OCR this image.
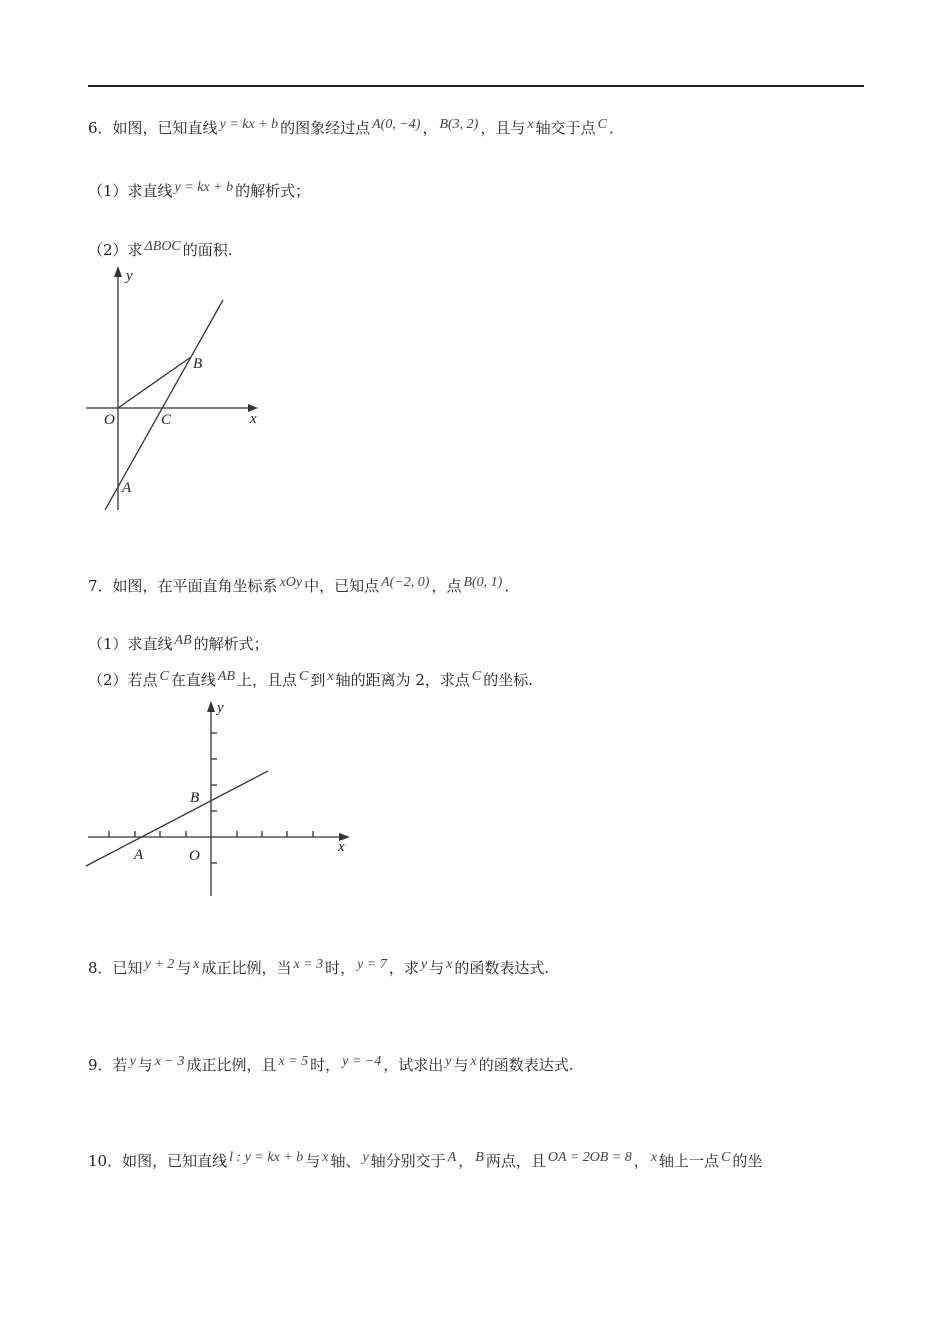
6．如图，已知直线 y = kx + b 的图象经过点 A(0, −4) ， B(3, 2) ，且与 x 轴交于点 C ．
（1）求直线 y = kx + b 的解析式；
（2）求 ΔBOC 的面积.
y
x
O	C
B
A
7．如图，在平面直角坐标系 xOy 中，已知点 A(−2, 0) ，点 B(0, 1) ．
（1）求直线 AB 的解析式；
（2）若点 C 在直线 AB 上，且点 C 到 x 轴的距离为 2，求点 C 的坐标.
y
x
O
B
A
8．已知 y + 2 与 x 成正比例，当 x = 3 时， y = 7 ，求 y 与 x 的函数表达式.
9．若 y 与 x − 3 成正比例，且 x = 5 时， y = −4 ，试求出 y 与 x 的函数表达式.
10．如图，已知直线 l : y = kx + b 与 x 轴、 y 轴分别交于 A ， B 两点，且 OA = 2OB = 8 ， x 轴上一点 C 的坐
